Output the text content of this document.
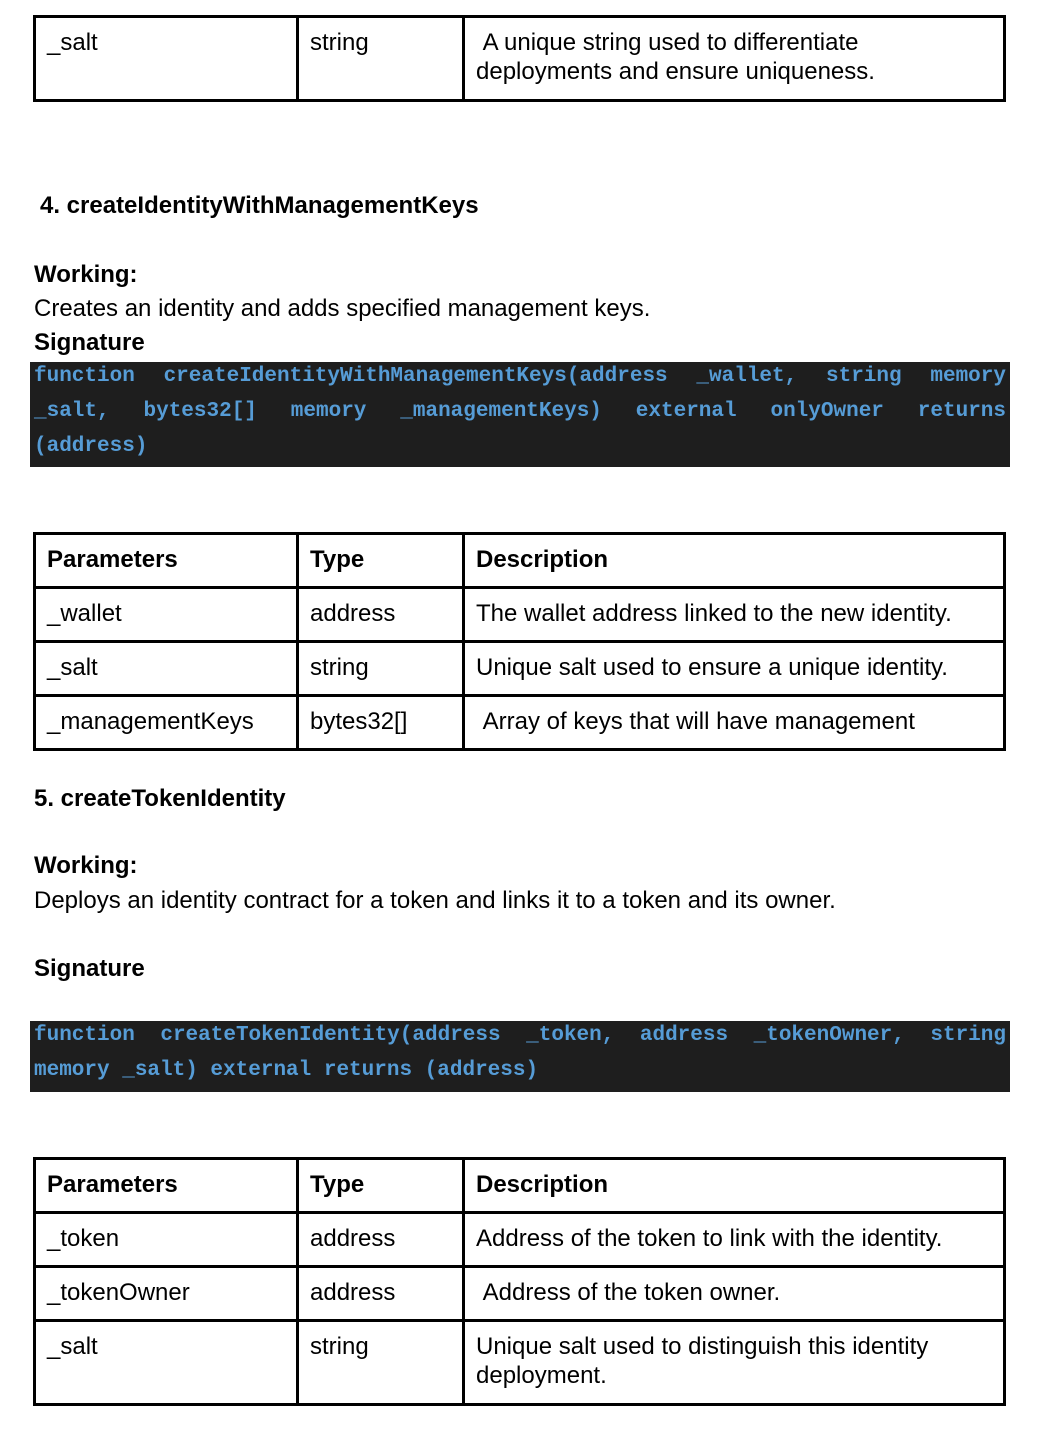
_salt	string	A unique string used to differentiate deployments and ensure uniqueness.
4. createIdentityWithManagementKeys
Working:
Creates an identity and adds specified management keys.
Signature
function createIdentityWithManagementKeys(address _wallet, string memory
_salt, bytes32[] memory _managementKeys) external onlyOwner returns
(address)
Parameters	Type	Description
_wallet	address	The wallet address linked to the new identity.
_salt	string	Unique salt used to ensure a unique identity.
_managementKeys	bytes32[]	Array of keys that will have management
5. createTokenIdentity
Working:
Deploys an identity contract for a token and links it to a token and its owner.
Signature
function createTokenIdentity(address _token, address _tokenOwner, string
memory _salt) external returns (address)
Parameters	Type	Description
_token	address	Address of the token to link with the identity.
_tokenOwner	address	Address of the token owner.
_salt	string	Unique salt used to distinguish this identity deployment.
